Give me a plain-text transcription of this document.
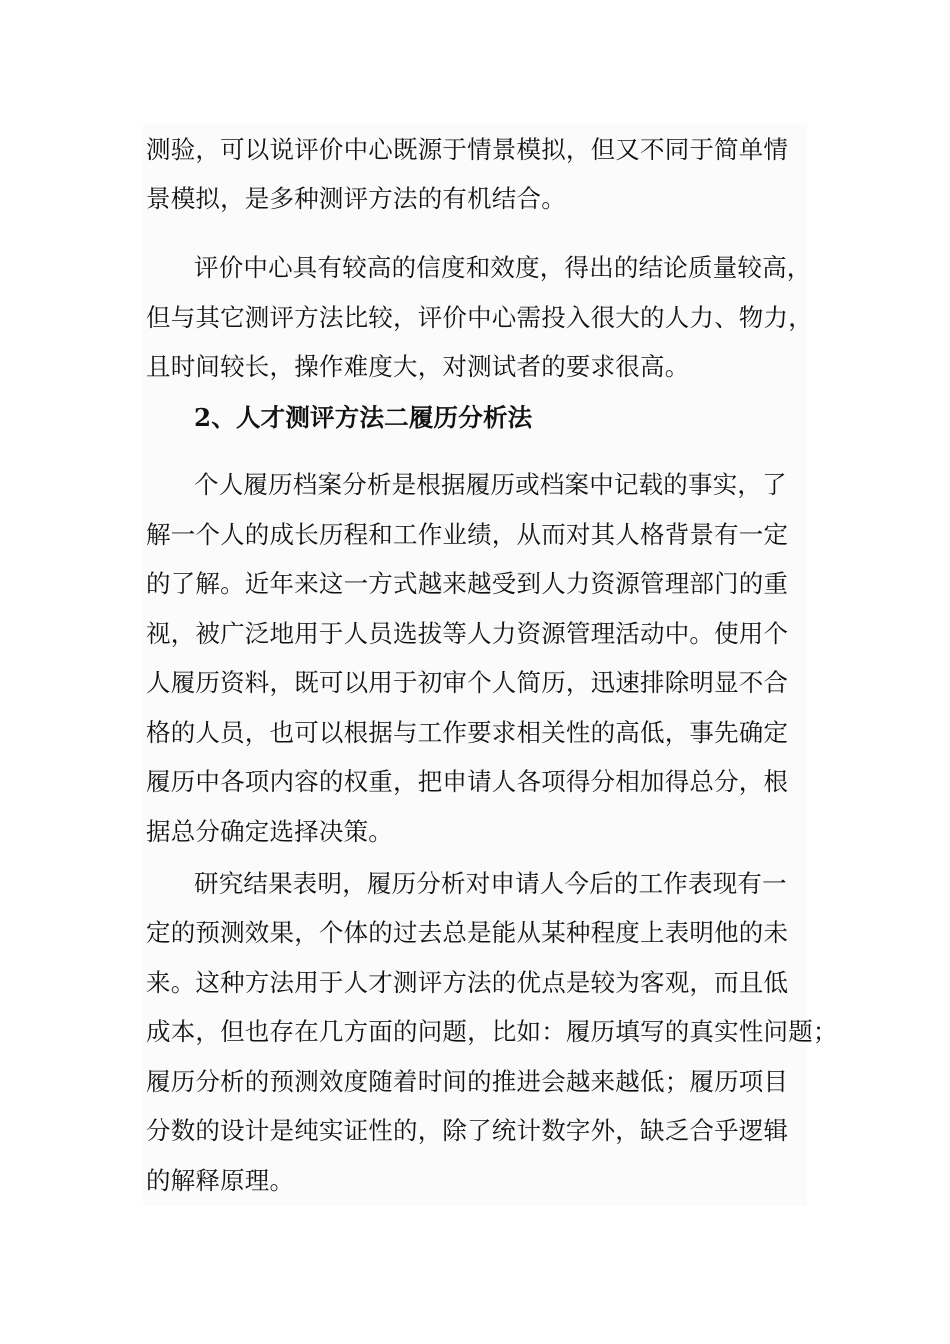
测验，可以说评价中心既源于情景模拟，但又不同于简单情
景模拟，是多种测评方法的有机结合。
评价中心具有较高的信度和效度，得出的结论质量较高，
但与其它测评方法比较，评价中心需投入很大的人力、物力，
且时间较长，操作难度大，对测试者的要求很高。
2、人才测评方法二履历分析法
个人履历档案分析是根据履历或档案中记载的事实，了
解一个人的成长历程和工作业绩，从而对其人格背景有一定
的了解。近年来这一方式越来越受到人力资源管理部门的重
视，被广泛地用于人员选拔等人力资源管理活动中。使用个
人履历资料，既可以用于初审个人简历，迅速排除明显不合
格的人员，也可以根据与工作要求相关性的高低，事先确定
履历中各项内容的权重，把申请人各项得分相加得总分，根
据总分确定选择决策。
研究结果表明，履历分析对申请人今后的工作表现有一
定的预测效果，个体的过去总是能从某种程度上表明他的未
来。这种方法用于人才测评方法的优点是较为客观，而且低
成本，但也存在几方面的问题，比如：履历填写的真实性问题；
履历分析的预测效度随着时间的推进会越来越低；履历项目
分数的设计是纯实证性的，除了统计数字外，缺乏合乎逻辑
的解释原理。
